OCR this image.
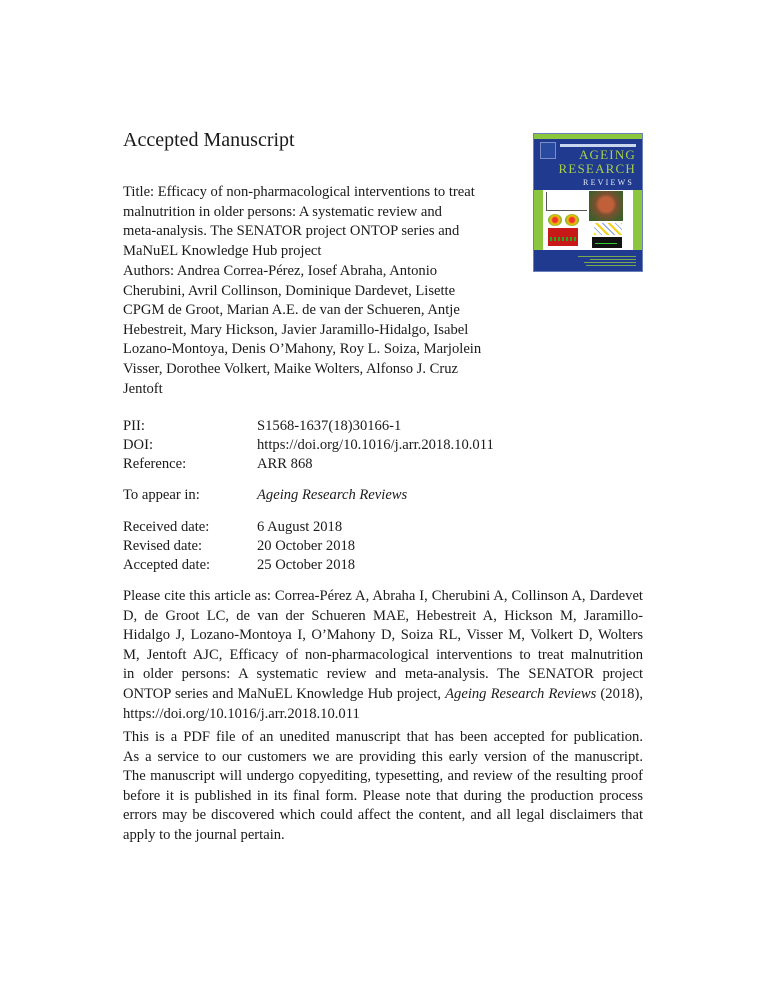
Accepted Manuscript
Title: Efficacy of non-pharmacological interventions to treat
malnutrition in older persons: A systematic review and
meta-analysis. The SENATOR project ONTOP series and
MaNuEL Knowledge Hub project
Authors: Andrea Correa-Pérez, Iosef Abraha, Antonio
Cherubini, Avril Collinson, Dominique Dardevet, Lisette
CPGM de Groot, Marian A.E. de van der Schueren, Antje
Hebestreit, Mary Hickson, Javier Jaramillo-Hidalgo, Isabel
Lozano-Montoya, Denis O’Mahony, Roy L. Soiza, Marjolein
Visser, Dorothee Volkert, Maike Wolters, Alfonso J. Cruz
Jentoft
PII:	S1568-1637(18)30166-1
DOI:	https://doi.org/10.1016/j.arr.2018.10.011
Reference:	ARR 868
To appear in:	Ageing Research Reviews
Received date:	6 August 2018
Revised date:	20 October 2018
Accepted date:	25 October 2018
Please cite this article as: Correa-Pérez A, Abraha I, Cherubini A, Collinson A, Dardevet
D, de Groot LC, de van der Schueren MAE, Hebestreit A, Hickson M, Jaramillo-
Hidalgo J, Lozano-Montoya I, O’Mahony D, Soiza RL, Visser M, Volkert D, Wolters
M, Jentoft AJC, Efficacy of non-pharmacological interventions to treat malnutrition
in older persons: A systematic review and meta-analysis. The SENATOR project
ONTOP series and MaNuEL Knowledge Hub project, Ageing Research Reviews (2018),
https://doi.org/10.1016/j.arr.2018.10.011
This is a PDF file of an unedited manuscript that has been accepted for publication.
As a service to our customers we are providing this early version of the manuscript.
The manuscript will undergo copyediting, typesetting, and review of the resulting proof
before it is published in its final form. Please note that during the production process
errors may be discovered which could affect the content, and all legal disclaimers that
apply to the journal pertain.
AGEING
RESEARCH
REVIEWS
